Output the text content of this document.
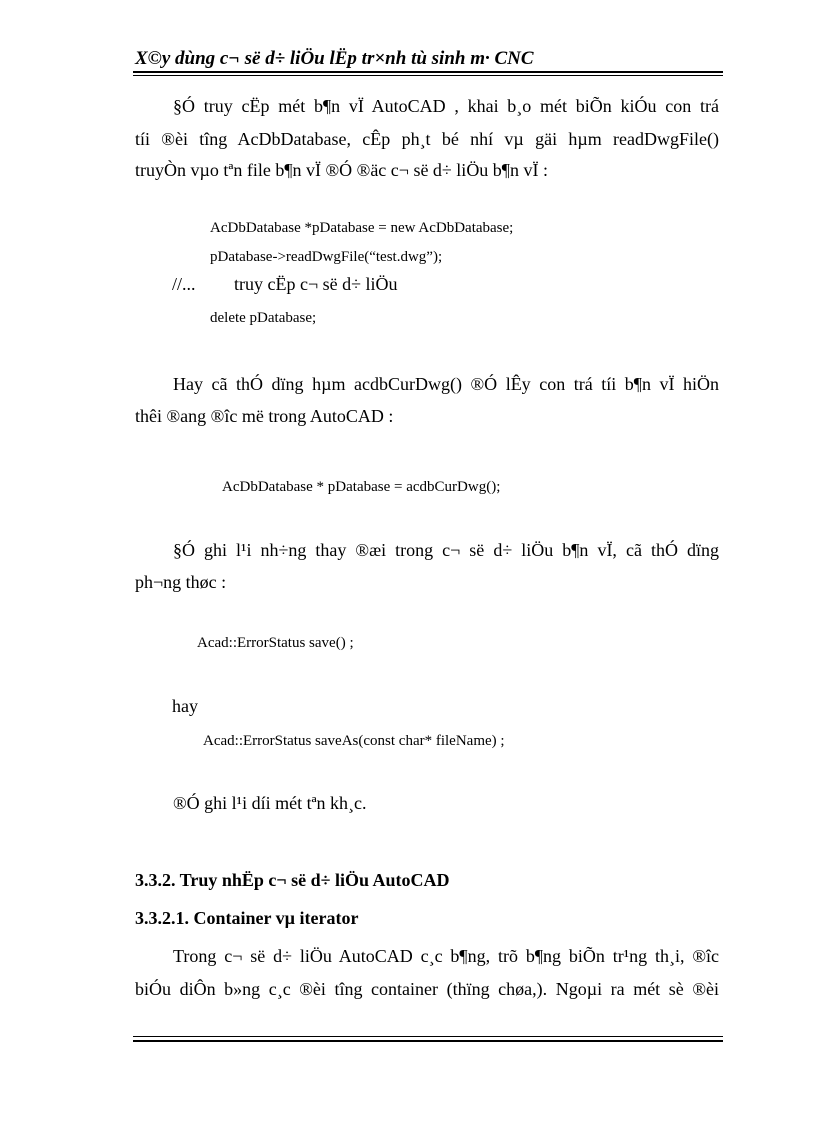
X©y dùng c¬ së d÷ liÖu lËp tr×nh tù sinh m· CNC
§Ó truy cËp mét b¶n vÏ AutoCAD , khai b¸o mét biÕn kiÓu con trá
tíi ®èi tîng AcDbDatabase, cÊp ph¸t bé nhí vµ gäi hµm readDwgFile()
truyÒn vµo tªn file b¶n vÏ ®Ó ®äc c¬ së d÷ liÖu b¶n vÏ :
AcDbDatabase *pDatabase = new AcDbDatabase;
pDatabase->readDwgFile(“test.dwg”);
//...	truy cËp c¬ së d÷ liÖu
delete pDatabase;
Hay cã thÓ dïng hµm acdbCurDwg() ®Ó lÊy con trá tíi b¶n vÏ hiÖn
thêi ®ang ®îc më trong AutoCAD :
AcDbDatabase * pDatabase = acdbCurDwg();
§Ó ghi l¹i nh÷ng thay ®æi trong c¬ së d÷ liÖu b¶n vÏ, cã thÓ dïng
ph¬ng thøc :
Acad::ErrorStatus save() ;
hay
Acad::ErrorStatus saveAs(const char* fileName) ;
®Ó ghi l¹i díi mét tªn kh¸c.
3.3.2. Truy nhËp c¬ së d÷ liÖu AutoCAD
3.3.2.1. Container vµ iterator
Trong c¬ së d÷ liÖu AutoCAD c¸c b¶ng, trõ b¶ng biÕn tr¹ng th¸i, ®îc
biÓu diÔn b»ng c¸c ®èi tîng container (thïng chøa,). Ngoµi ra mét sè ®èi
